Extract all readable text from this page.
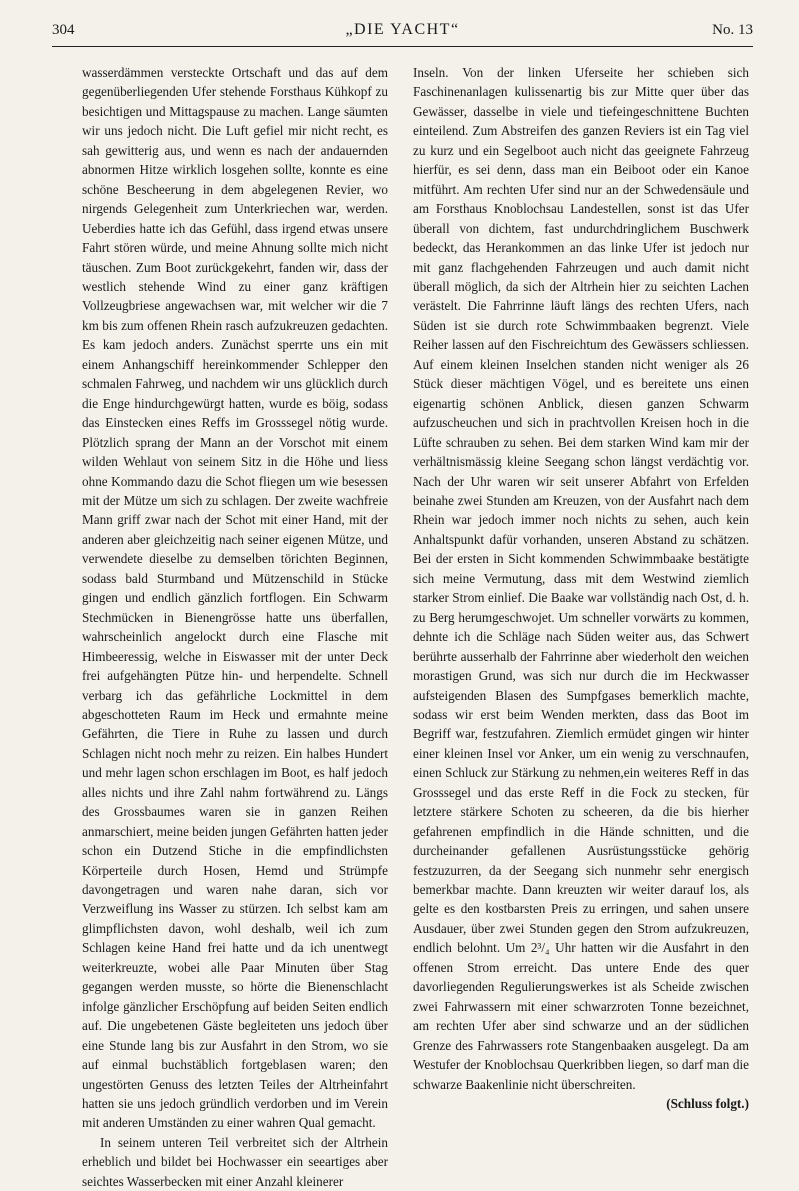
304	„DIE YACHT“	No. 13

wasserdämmen versteckte Ortschaft und das auf dem gegenüberliegenden Ufer stehende Forsthaus Kühkopf zu besichtigen und Mittagspause zu machen. Lange säumten wir uns jedoch nicht. Die Luft gefiel mir nicht recht, es sah gewitterig aus, und wenn es nach der andauernden abnormen Hitze wirklich losgehen sollte, konnte es eine schöne Bescheerung in dem abgelegenen Revier, wo nirgends Gelegenheit zum Unterkriechen war, werden. Ueberdies hatte ich das Gefühl, dass irgend etwas unsere Fahrt stören würde, und meine Ahnung sollte mich nicht täuschen. Zum Boot zurückgekehrt, fanden wir, dass der westlich stehende Wind zu einer ganz kräftigen Vollzeugbriese angewachsen war, mit welcher wir die 7 km bis zum offenen Rhein rasch aufzukreuzen gedachten. Es kam jedoch anders. Zunächst sperrte uns ein mit einem Anhangschiff hereinkommender Schlepper den schmalen Fahrweg, und nachdem wir uns glücklich durch die Enge hindurchgewürgt hatten, wurde es böig, sodass das Einstecken eines Reffs im Grosssegel nötig wurde. Plötzlich sprang der Mann an der Vorschot mit einem wilden Wehlaut von seinem Sitz in die Höhe und liess ohne Kommando dazu die Schot fliegen um wie besessen mit der Mütze um sich zu schlagen. Der zweite wachfreie Mann griff zwar nach der Schot mit einer Hand, mit der anderen aber gleichzeitig nach seiner eigenen Mütze, und verwendete dieselbe zu demselben törichten Beginnen, sodass bald Sturmband und Mützenschild in Stücke gingen und endlich gänzlich fortflogen. Ein Schwarm Stechmücken in Bienengrösse hatte uns überfallen, wahrscheinlich angelockt durch eine Flasche mit Himbeeressig, welche in Eiswasser mit der unter Deck frei aufgehängten Pütze hin- und herpendelte. Schnell verbarg ich das gefährliche Lockmittel in dem abgeschotteten Raum im Heck und ermahnte meine Gefährten, die Tiere in Ruhe zu lassen und durch Schlagen nicht noch mehr zu reizen. Ein halbes Hundert und mehr lagen schon erschlagen im Boot, es half jedoch alles nichts und ihre Zahl nahm fortwährend zu. Längs des Grossbaumes waren sie in ganzen Reihen anmarschiert, meine beiden jungen Gefährten hatten jeder schon ein Dutzend Stiche in die empfindlichsten Körperteile durch Hosen, Hemd und Strümpfe davongetragen und waren nahe daran, sich vor Verzweiflung ins Wasser zu stürzen. Ich selbst kam am glimpflichsten davon, wohl deshalb, weil ich zum Schlagen keine Hand frei hatte und da ich unentwegt weiterkreuzte, wobei alle Paar Minuten über Stag gegangen werden musste, so hörte die Bienenschlacht infolge gänzlicher Erschöpfung auf beiden Seiten endlich auf. Die ungebetenen Gäste begleiteten uns jedoch über eine Stunde lang bis zur Ausfahrt in den Strom, wo sie auf einmal buchstäblich fortgeblasen waren; den ungestörten Genuss des letzten Teiles der Altrheinfahrt hatten sie uns jedoch gründlich verdorben und im Verein mit anderen Umständen zu einer wahren Qual gemacht.

In seinem unteren Teil verbreitet sich der Altrhein erheblich und bildet bei Hochwasser ein seeartiges aber seichtes Wasserbecken mit einer Anzahl kleinerer

Inseln. Von der linken Uferseite her schieben sich Faschinenanlagen kulissenartig bis zur Mitte quer über das Gewässer, dasselbe in viele und tiefeingeschnittene Buchten einteilend. Zum Abstreifen des ganzen Reviers ist ein Tag viel zu kurz und ein Segelboot auch nicht das geeignete Fahrzeug hierfür, es sei denn, dass man ein Beiboot oder ein Kanoe mitführt. Am rechten Ufer sind nur an der Schwedensäule und am Forsthaus Knoblochsau Landestellen, sonst ist das Ufer überall von dichtem, fast undurchdringlichem Buschwerk bedeckt, das Herankommen an das linke Ufer ist jedoch nur mit ganz flachgehenden Fahrzeugen und auch damit nicht überall möglich, da sich der Altrhein hier zu seichten Lachen verästelt. Die Fahrrinne läuft längs des rechten Ufers, nach Süden ist sie durch rote Schwimmbaaken begrenzt. Viele Reiher lassen auf den Fischreichtum des Gewässers schliessen. Auf einem kleinen Inselchen standen nicht weniger als 26 Stück dieser mächtigen Vögel, und es bereitete uns einen eigenartig schönen Anblick, diesen ganzen Schwarm aufzuscheuchen und sich in prachtvollen Kreisen hoch in die Lüfte schrauben zu sehen. Bei dem starken Wind kam mir der verhältnismässig kleine Seegang schon längst verdächtig vor. Nach der Uhr waren wir seit unserer Abfahrt von Erfelden beinahe zwei Stunden am Kreuzen, von der Ausfahrt nach dem Rhein war jedoch immer noch nichts zu sehen, auch kein Anhaltspunkt dafür vorhanden, unseren Abstand zu schätzen. Bei der ersten in Sicht kommenden Schwimmbaake bestätigte sich meine Vermutung, dass mit dem Westwind ziemlich starker Strom einlief. Die Baake war vollständig nach Ost, d. h. zu Berg herumgeschwojet. Um schneller vorwärts zu kommen, dehnte ich die Schläge nach Süden weiter aus, das Schwert berührte ausserhalb der Fahrrinne aber wiederholt den weichen morastigen Grund, was sich nur durch die im Heckwasser aufsteigenden Blasen des Sumpfgases bemerklich machte, sodass wir erst beim Wenden merkten, dass das Boot im Begriff war, festzufahren. Ziemlich ermüdet gingen wir hinter einer kleinen Insel vor Anker, um ein wenig zu verschnaufen, einen Schluck zur Stärkung zu nehmen,ein weiteres Reff in das Grosssegel und das erste Reff in die Fock zu stecken, für letztere stärkere Schoten zu scheeren, da die bis hierher gefahrenen empfindlich in die Hände schnitten, und die durcheinander gefallenen Ausrüstungsstücke gehörig festzuzurren, da der Seegang sich nunmehr sehr energisch bemerkbar machte. Dann kreuzten wir weiter darauf los, als gelte es den kostbarsten Preis zu erringen, und sahen unsere Ausdauer, über zwei Stunden gegen den Strom aufzukreuzen, endlich belohnt. Um 2³/₄ Uhr hatten wir die Ausfahrt in den offenen Strom erreicht. Das untere Ende des quer davorliegenden Regulierungswerkes ist als Scheide zwischen zwei Fahrwassern mit einer schwarzroten Tonne bezeichnet, am rechten Ufer aber sind schwarze und an der südlichen Grenze des Fahrwassers rote Stangenbaaken ausgelegt. Da am Westufer der Knoblochsau Querkribben liegen, so darf man die schwarze Baakenlinie nicht überschreiten.

(Schluss folgt.)
